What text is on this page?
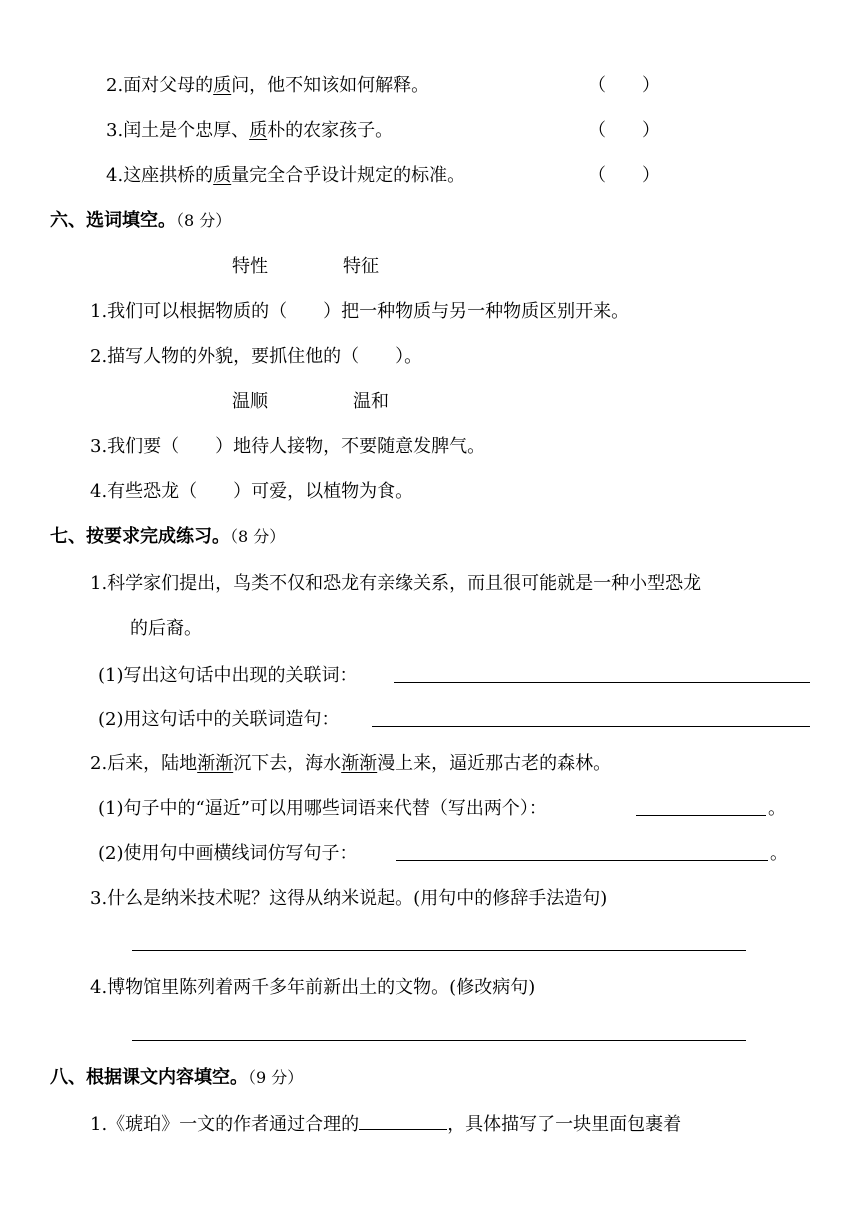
2.面对父母的质问，他不知该如何解释。	（　　）
3.闰土是个忠厚、质朴的农家孩子。	（　　）
4.这座拱桥的质量完全合乎设计规定的标准。	（　　）
六、选词填空。（8 分）
特性	特征
1.我们可以根据物质的（　　）把一种物质与另一种物质区别开来。
2.描写人物的外貌，要抓住他的（　　）。
温顺	温和
3.我们要（　　）地待人接物，不要随意发脾气。
4.有些恐龙（　　）可爱，以植物为食。
七、按要求完成练习。（8 分）
1.科学家们提出，鸟类不仅和恐龙有亲缘关系，而且很可能就是一种小型恐龙
的后裔。
(1)写出这句话中出现的关联词：
(2)用这句话中的关联词造句：
2.后来，陆地渐渐沉下去，海水渐渐漫上来，逼近那古老的森林。
(1)句子中的“逼近”可以用哪些词语来代替（写出两个）：	。
(2)使用句中画横线词仿写句子：	。
3.什么是纳米技术呢？这得从纳米说起。(用句中的修辞手法造句)
4.博物馆里陈列着两千多年前新出土的文物。(修改病句)
八、根据课文内容填空。（9 分）
1.《琥珀》一文的作者通过合理的	，具体描写了一块里面包裹着
